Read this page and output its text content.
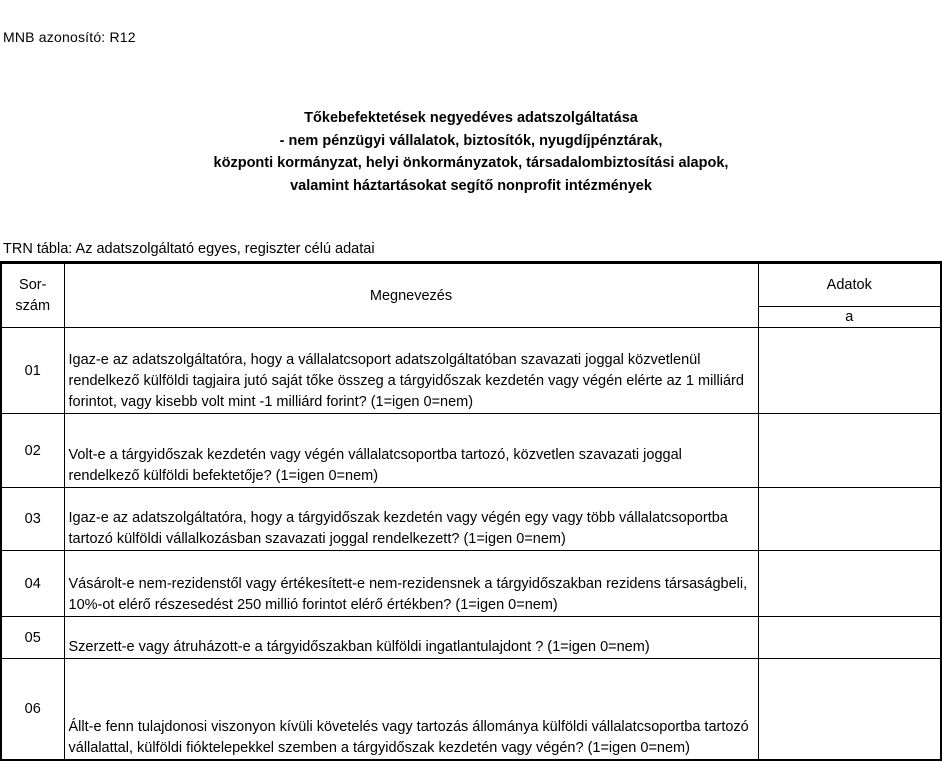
MNB azonosító: R12
Tőkebefektetések negyedéves adatszolgáltatása
- nem pénzügyi vállalatok, biztosítók, nyugdíjpénztárak,
központi kormányzat, helyi önkormányzatok, társadalombiztosítási alapok,
valamint háztartásokat segítő nonprofit intézmények
TRN tábla: Az adatszolgáltató egyes, regiszter célú adatai
Sor-
szám	Megnevezés	Adatok
		a
01	Igaz-e az adatszolgáltatóra, hogy a vállalatcsoport adatszolgáltatóban szavazati joggal közvetlenül rendelkező külföldi tagjaira jutó saját tőke összeg a tárgyidőszak kezdetén vagy végén elérte az 1 milliárd forintot, vagy kisebb volt mint -1 milliárd forint? (1=igen 0=nem)	
02	Volt-e a tárgyidőszak kezdetén vagy végén vállalatcsoportba tartozó, közvetlen szavazati joggal rendelkező külföldi befektetője? (1=igen 0=nem)	
03	Igaz-e az adatszolgáltatóra, hogy a tárgyidőszak kezdetén vagy végén egy vagy több vállalatcsoportba tartozó külföldi vállalkozásban szavazati joggal rendelkezett? (1=igen 0=nem)	
04	Vásárolt-e nem-rezidenstől vagy értékesített-e nem-rezidensnek a tárgyidőszakban rezidens társaságbeli, 10%-ot elérő részesedést 250 millió forintot elérő értékben? (1=igen 0=nem)	
05	Szerzett-e vagy átruházott-e a tárgyidőszakban külföldi ingatlantulajdont ? (1=igen 0=nem)	
06	Állt-e fenn tulajdonosi viszonyon kívüli követelés vagy tartozás állománya külföldi vállalatcsoportba tartozó vállalattal, külföldi fióktelepekkel szemben a tárgyidőszak kezdetén vagy végén? (1=igen 0=nem)	
